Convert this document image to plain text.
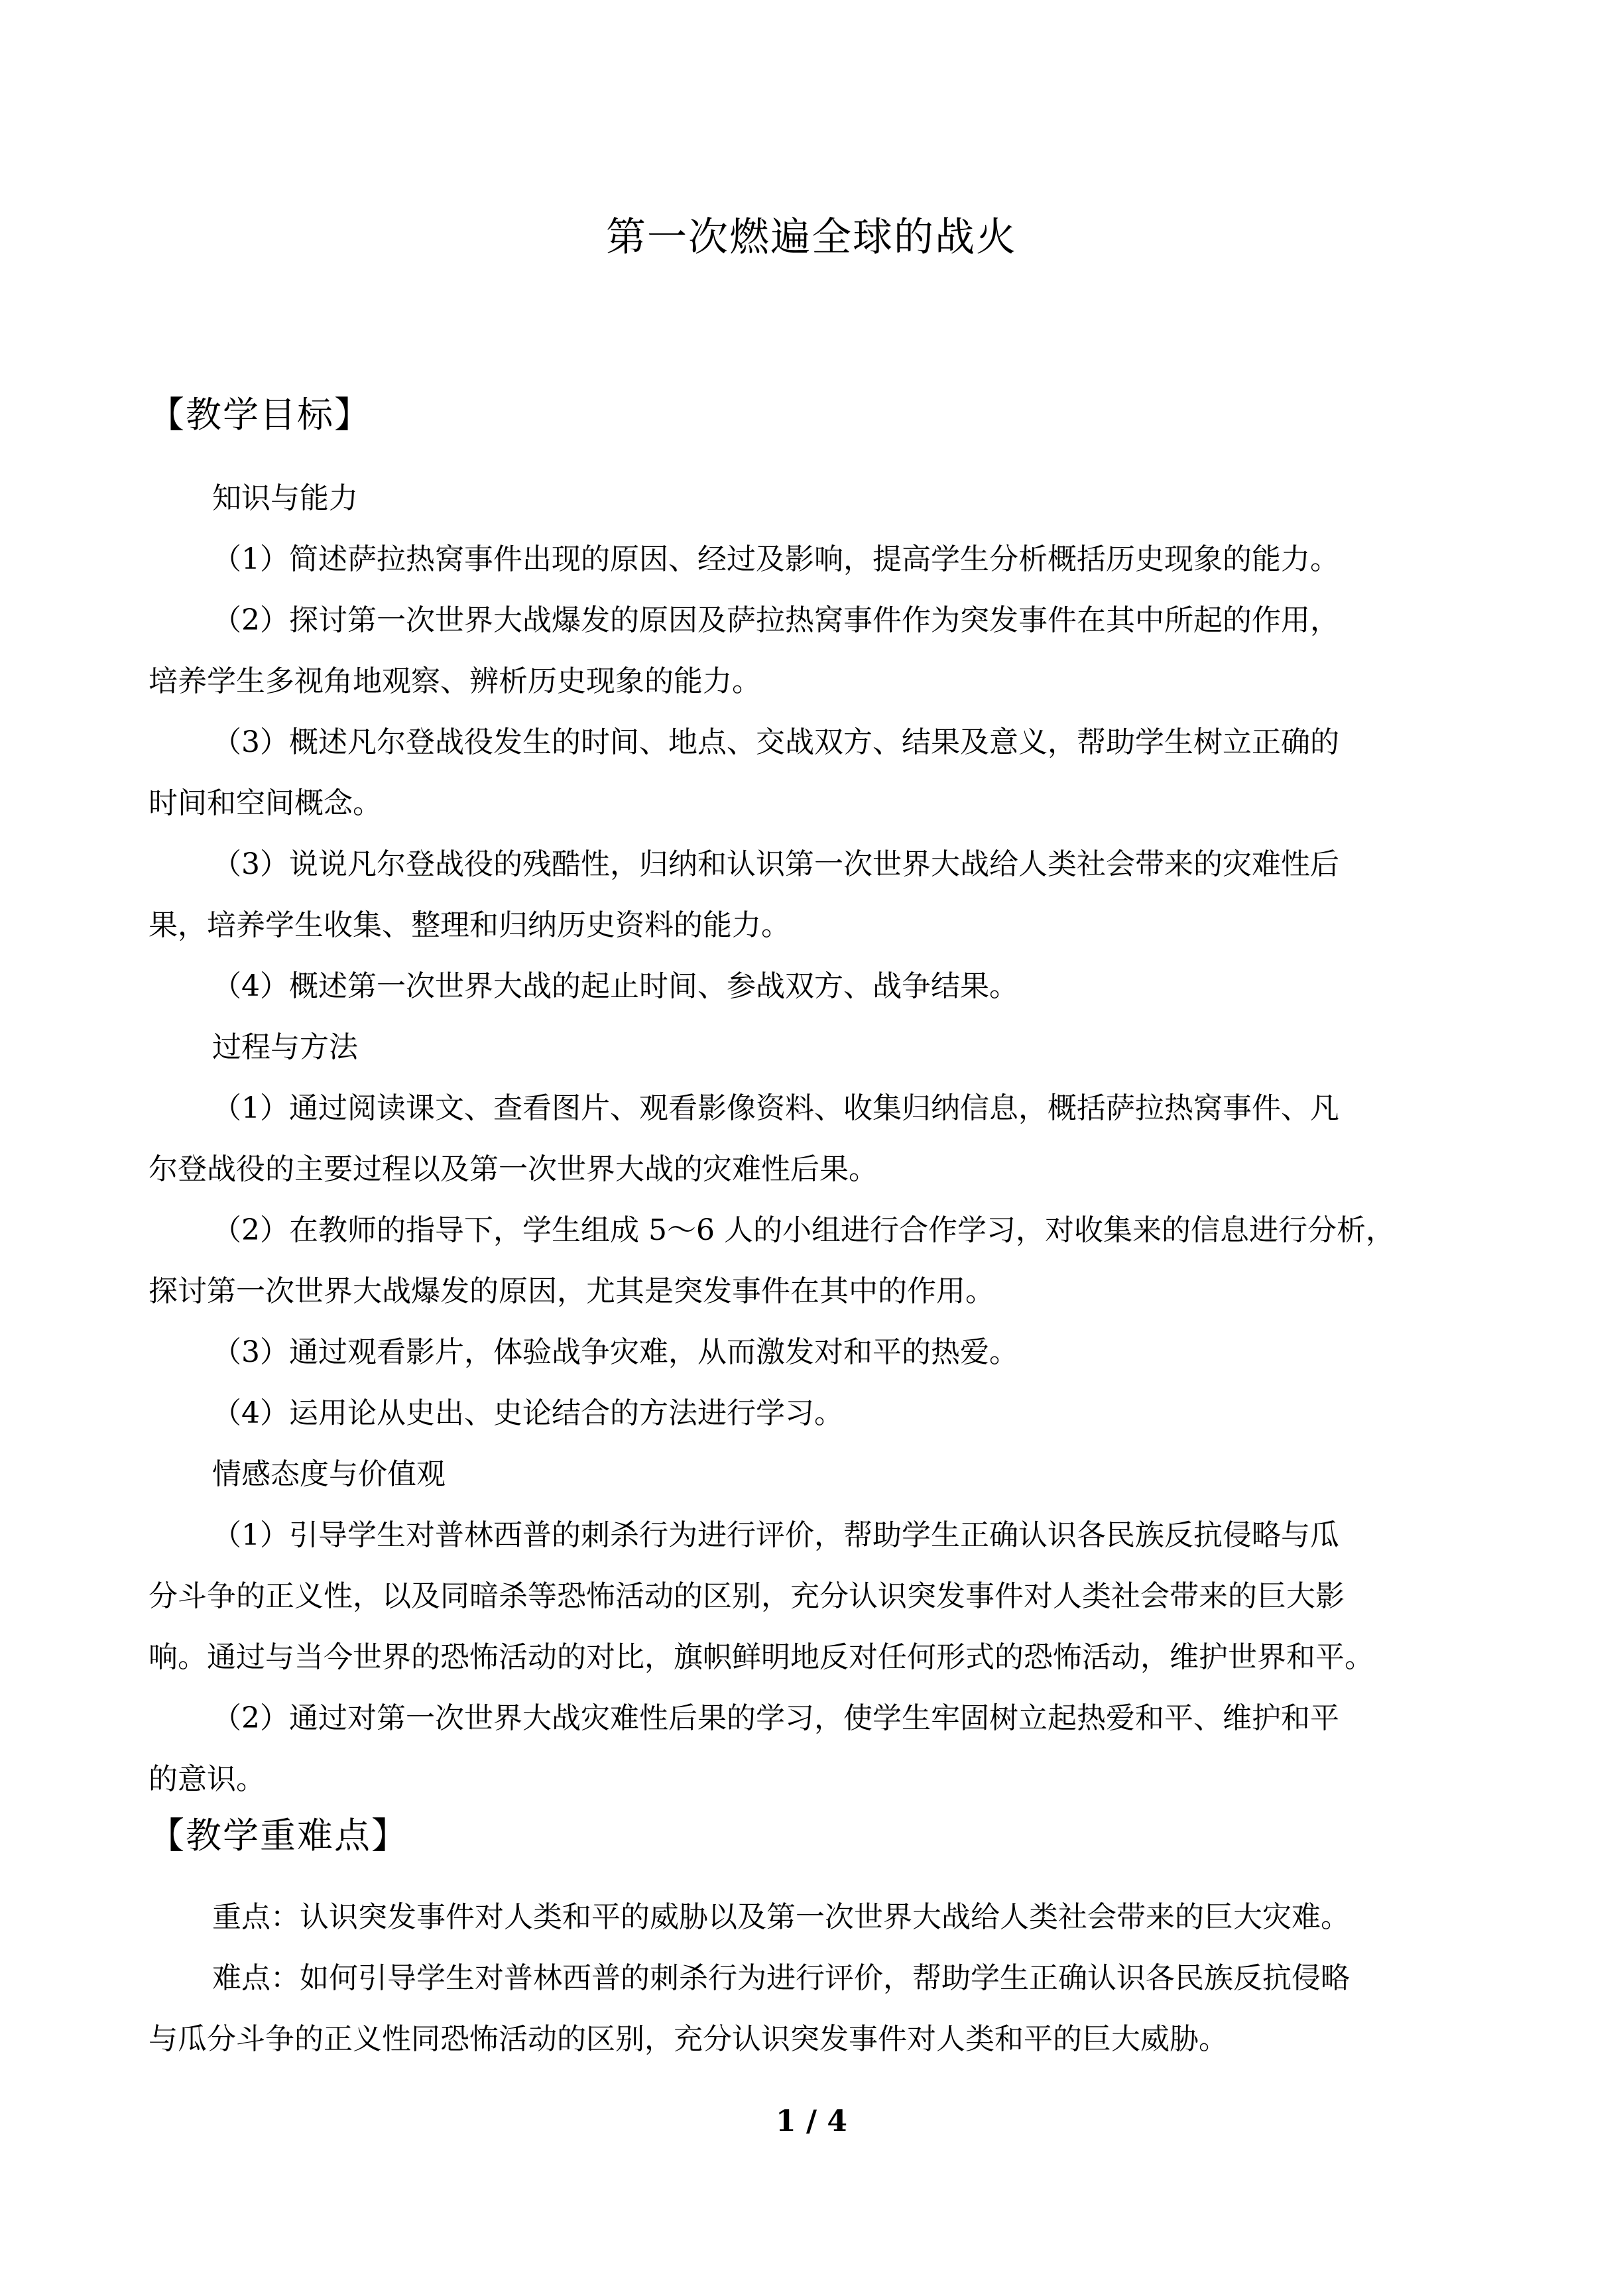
第一次燃遍全球的战火
【教学目标】
知识与能力
（1）简述萨拉热窝事件出现的原因、经过及影响，提高学生分析概括历史现象的能力。
（2）探讨第一次世界大战爆发的原因及萨拉热窝事件作为突发事件在其中所起的作用，
培养学生多视角地观察、辨析历史现象的能力。
（3）概述凡尔登战役发生的时间、地点、交战双方、结果及意义，帮助学生树立正确的
时间和空间概念。
（3）说说凡尔登战役的残酷性，归纳和认识第一次世界大战给人类社会带来的灾难性后
果，培养学生收集、整理和归纳历史资料的能力。
（4）概述第一次世界大战的起止时间、参战双方、战争结果。
过程与方法
（1）通过阅读课文、查看图片、观看影像资料、收集归纳信息，概括萨拉热窝事件、凡
尔登战役的主要过程以及第一次世界大战的灾难性后果。
（2）在教师的指导下，学生组成 5～6 人的小组进行合作学习，对收集来的信息进行分析，
探讨第一次世界大战爆发的原因，尤其是突发事件在其中的作用。
（3）通过观看影片，体验战争灾难，从而激发对和平的热爱。
（4）运用论从史出、史论结合的方法进行学习。
情感态度与价值观
（1）引导学生对普林西普的刺杀行为进行评价，帮助学生正确认识各民族反抗侵略与瓜
分斗争的正义性，以及同暗杀等恐怖活动的区别，充分认识突发事件对人类社会带来的巨大影
响。通过与当今世界的恐怖活动的对比，旗帜鲜明地反对任何形式的恐怖活动，维护世界和平。
（2）通过对第一次世界大战灾难性后果的学习，使学生牢固树立起热爱和平、维护和平
的意识。
【教学重难点】
重点：认识突发事件对人类和平的威胁以及第一次世界大战给人类社会带来的巨大灾难。
难点：如何引导学生对普林西普的刺杀行为进行评价，帮助学生正确认识各民族反抗侵略
与瓜分斗争的正义性同恐怖活动的区别，充分认识突发事件对人类和平的巨大威胁。
1 / 4
